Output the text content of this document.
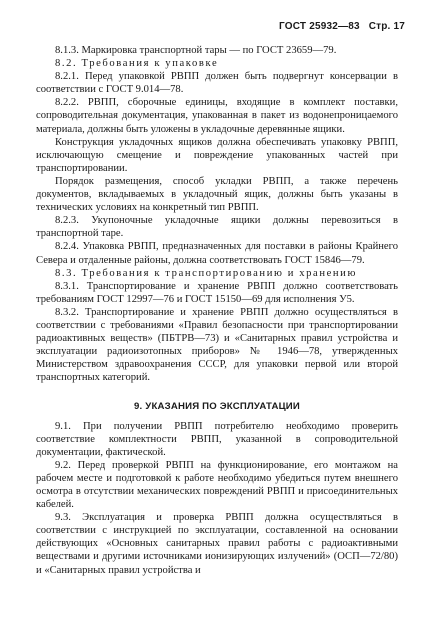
ГОСТ 25932—83 Стр. 17

8.1.3. Маркировка транспортной тары — по ГОСТ 23659—79.

8.2. Требования к упаковке

8.2.1. Перед упаковкой РВПП должен быть подвергнут консервации в соответствии с ГОСТ 9.014—78.

8.2.2. РВПП, сборочные единицы, входящие в комплект поставки, сопроводительная документация, упакованная в пакет из водонепроницаемого материала, должны быть уложены в укладочные деревянные ящики.

Конструкция укладочных ящиков должна обеспечивать упаковку РВПП, исключающую смещение и повреждение упакованных частей при транспортировании.

Порядок размещения, способ укладки РВПП, а также перечень документов, вкладываемых в укладочный ящик, должны быть указаны в технических условиях на конкретный тип РВПП.

8.2.3. Укупоночные укладочные ящики должны перевозиться в транспортной таре.

8.2.4. Упаковка РВПП, предназначенных для поставки в районы Крайнего Севера и отдаленные районы, должна соответствовать ГОСТ 15846—79.

8.3. Требования к транспортированию и хранению

8.3.1. Транспортирование и хранение РВПП должно соответствовать требованиям ГОСТ 12997—76 и ГОСТ 15150—69 для исполнения У5.

8.3.2. Транспортирование и хранение РВПП должно осуществляться в соответствии с требованиями «Правил безопасности при транспортировании радиоактивных веществ» (ПБТРВ—73) и «Санитарных правил устройства и эксплуатации радиоизотопных приборов» № 1946—78, утвержденных Министерством здравоохранения СССР, для упаковки первой или второй транспортных категорий.

9. УКАЗАНИЯ ПО ЭКСПЛУАТАЦИИ

9.1. При получении РВПП потребителю необходимо проверить соответствие комплектности РВПП, указанной в сопроводительной документации, фактической.

9.2. Перед проверкой РВПП на функционирование, его монтажом на рабочем месте и подготовкой к работе необходимо убедиться путем внешнего осмотра в отсутствии механических повреждений РВПП и присоединительных кабелей.

9.3. Эксплуатация и проверка РВПП должна осуществляться в соответствии с инструкцией по эксплуатации, составленной на основании действующих «Основных санитарных правил работы с радиоактивными веществами и другими источниками ионизирующих излучений» (ОСП—72/80) и «Санитарных правил устройства и
